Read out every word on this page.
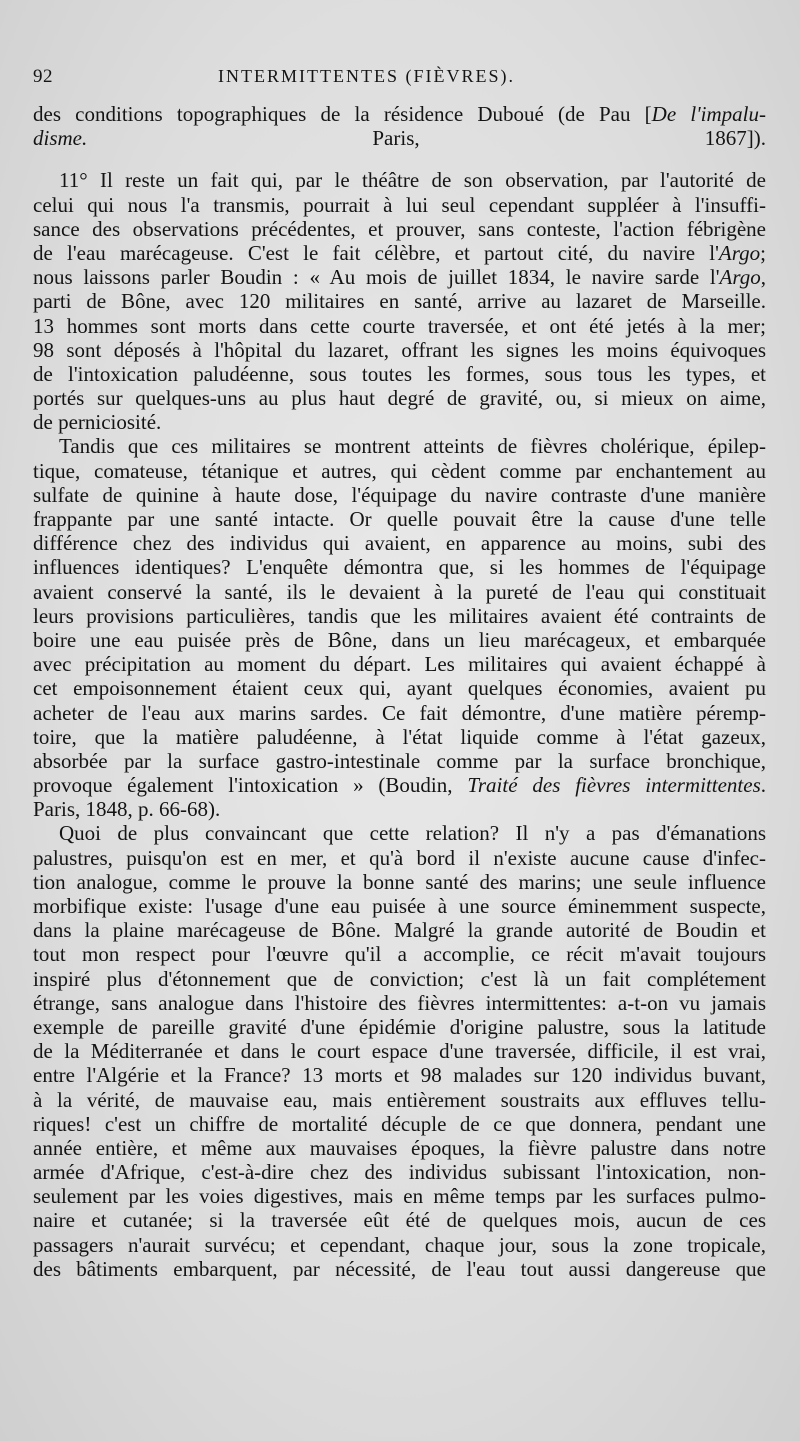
92	INTERMITTENTES (FIÈVRES).
des conditions topographiques de la résidence Duboué (de Pau [De l'impalu-
disme. Paris, 1867]).
11° Il reste un fait qui, par le théâtre de son observation, par l'autorité de
celui qui nous l'a transmis, pourrait à lui seul cependant suppléer à l'insuffi-
sance des observations précédentes, et prouver, sans conteste, l'action fébrigène
de l'eau marécageuse. C'est le fait célèbre, et partout cité, du navire l'Argo;
nous laissons parler Boudin : « Au mois de juillet 1834, le navire sarde l'Argo,
parti de Bône, avec 120 militaires en santé, arrive au lazaret de Marseille.
13 hommes sont morts dans cette courte traversée, et ont été jetés à la mer;
98 sont déposés à l'hôpital du lazaret, offrant les signes les moins équivoques
de l'intoxication paludéenne, sous toutes les formes, sous tous les types, et
portés sur quelques-uns au plus haut degré de gravité, ou, si mieux on aime,
de perniciosité.
Tandis que ces militaires se montrent atteints de fièvres cholérique, épilep-
tique, comateuse, tétanique et autres, qui cèdent comme par enchantement au
sulfate de quinine à haute dose, l'équipage du navire contraste d'une manière
frappante par une santé intacte. Or quelle pouvait être la cause d'une telle
différence chez des individus qui avaient, en apparence au moins, subi des
influences identiques? L'enquête démontra que, si les hommes de l'équipage
avaient conservé la santé, ils le devaient à la pureté de l'eau qui constituait
leurs provisions particulières, tandis que les militaires avaient été contraints de
boire une eau puisée près de Bône, dans un lieu marécageux, et embarquée
avec précipitation au moment du départ. Les militaires qui avaient échappé à
cet empoisonnement étaient ceux qui, ayant quelques économies, avaient pu
acheter de l'eau aux marins sardes. Ce fait démontre, d'une matière péremp-
toire, que la matière paludéenne, à l'état liquide comme à l'état gazeux,
absorbée par la surface gastro-intestinale comme par la surface bronchique,
provoque également l'intoxication » (Boudin, Traité des fièvres intermittentes.
Paris, 1848, p. 66-68).
Quoi de plus convaincant que cette relation? Il n'y a pas d'émanations
palustres, puisqu'on est en mer, et qu'à bord il n'existe aucune cause d'infec-
tion analogue, comme le prouve la bonne santé des marins; une seule influence
morbifique existe: l'usage d'une eau puisée à une source éminemment suspecte,
dans la plaine marécageuse de Bône. Malgré la grande autorité de Boudin et
tout mon respect pour l'œuvre qu'il a accomplie, ce récit m'avait toujours
inspiré plus d'étonnement que de conviction; c'est là un fait complétement
étrange, sans analogue dans l'histoire des fièvres intermittentes: a-t-on vu jamais
exemple de pareille gravité d'une épidémie d'origine palustre, sous la latitude
de la Méditerranée et dans le court espace d'une traversée, difficile, il est vrai,
entre l'Algérie et la France? 13 morts et 98 malades sur 120 individus buvant,
à la vérité, de mauvaise eau, mais entièrement soustraits aux effluves tellu-
riques! c'est un chiffre de mortalité décuple de ce que donnera, pendant une
année entière, et même aux mauvaises époques, la fièvre palustre dans notre
armée d'Afrique, c'est-à-dire chez des individus subissant l'intoxication, non-
seulement par les voies digestives, mais en même temps par les surfaces pulmo-
naire et cutanée; si la traversée eût été de quelques mois, aucun de ces
passagers n'aurait survécu; et cependant, chaque jour, sous la zone tropicale,
des bâtiments embarquent, par nécessité, de l'eau tout aussi dangereuse que
